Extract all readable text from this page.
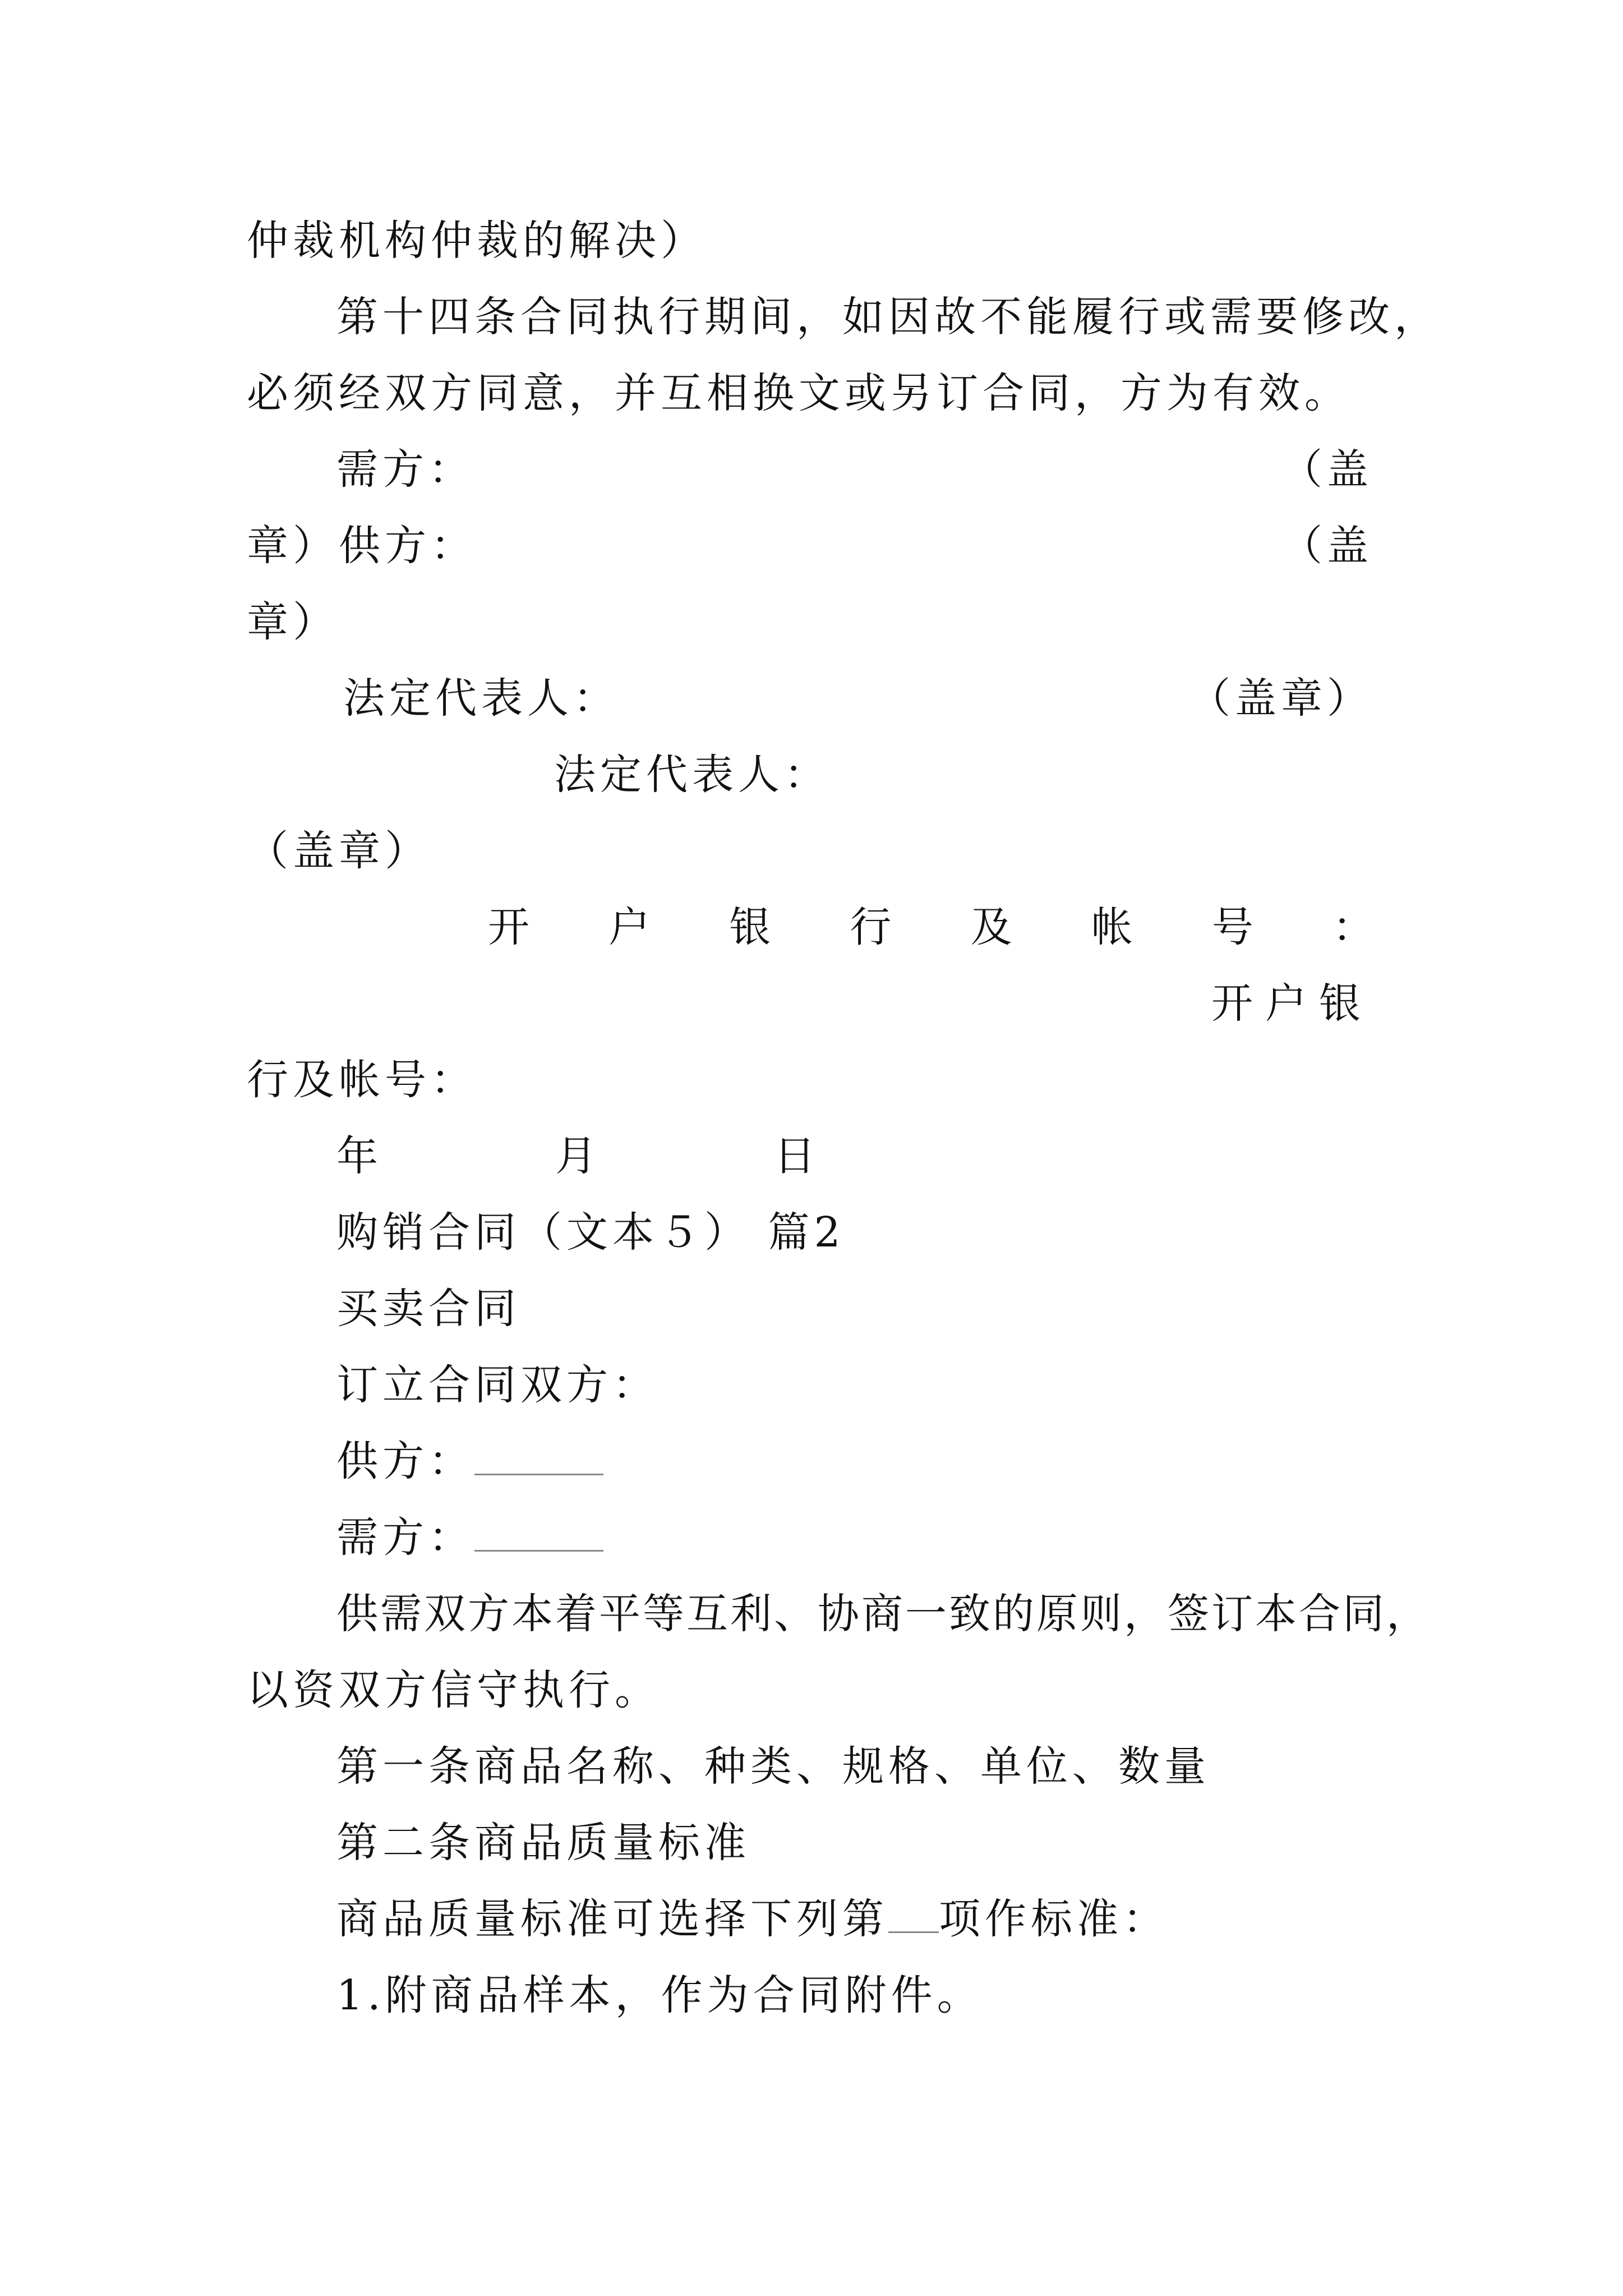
仲裁机构仲裁的解决）
第十四条合同执行期间，如因故不能履行或需要修改，
必须经双方同意，并互相换文或另订合同，方为有效。
需方：	（盖
章）供方：	（盖
章）
法定代表人：	（盖章）
法定代表人：
（盖章）
开 户 银 行 及 帐 号 ：
开户银
行及帐号：
年	月	日
购销合同（文本５） 篇2
买卖合同
订立合同双方：
供方：
需方：
供需双方本着平等互利、协商一致的原则，签订本合同，
以资双方信守执行。
第一条商品名称、种类、规格、单位、数量
第二条商品质量标准
商品质量标准可选择下列第 项作标准：
1.附商品样本，作为合同附件。
